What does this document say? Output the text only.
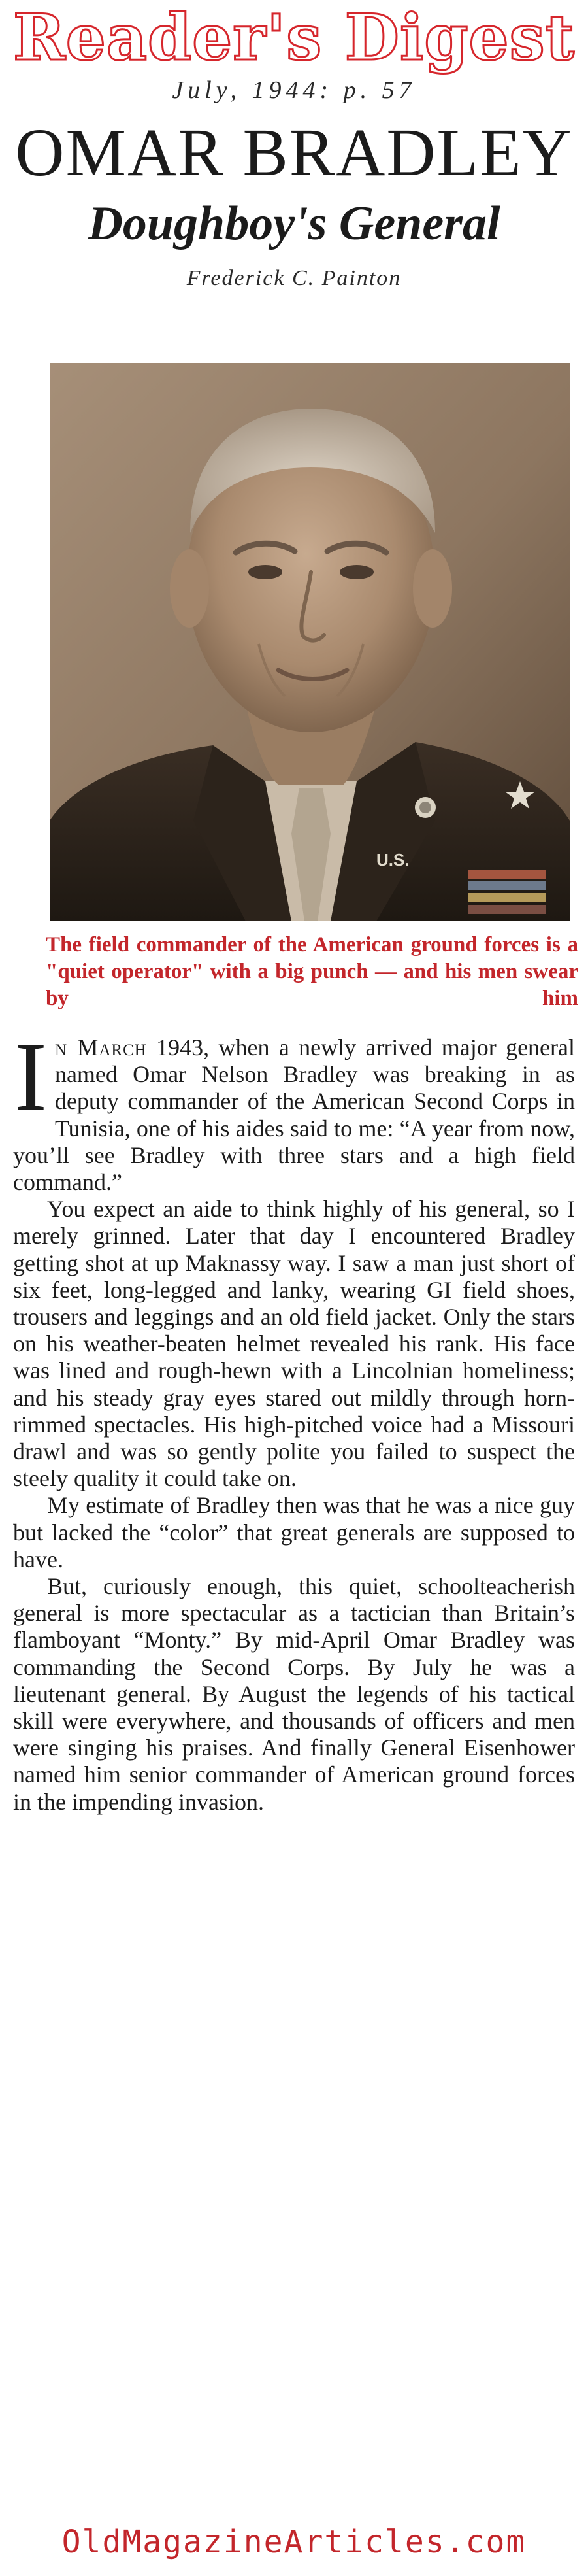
Reader's Digest

July, 1944: p. 57

OMAR BRADLEY
Doughboy's General

Frederick C. Painton

U.S.

The field commander of the American ground forces is a "quiet operator" with a big punch — and his men swear by him

In March 1943, when a newly arrived major general named Omar Nelson Bradley was breaking in as deputy commander of the American Second Corps in Tunisia, one of his aides said to me: “A year from now, you’ll see Bradley with three stars and a high field command.”

You expect an aide to think highly of his general, so I merely grinned. Later that day I encountered Bradley getting shot at up Maknassy way. I saw a man just short of six feet, long-legged and lanky, wearing GI field shoes, trousers and leggings and an old field jacket. Only the stars on his weather-beaten helmet revealed his rank. His face was lined and rough-hewn with a Lincolnian homeliness; and his steady gray eyes stared out mildly through horn-rimmed spectacles. His high-pitched voice had a Missouri drawl and was so gently polite you failed to suspect the steely quality it could take on.

My estimate of Bradley then was that he was a nice guy but lacked the “color” that great generals are supposed to have.

But, curiously enough, this quiet, schoolteacherish general is more spectacular as a tactician than Britain’s flamboyant “Monty.” By mid-April Omar Bradley was commanding the Second Corps. By July he was a lieutenant general. By August the legends of his tactical skill were everywhere, and thousands of officers and men were singing his praises. And finally General Eisenhower named him senior commander of American ground forces in the impending invasion.

OldMagazineArticles.com
